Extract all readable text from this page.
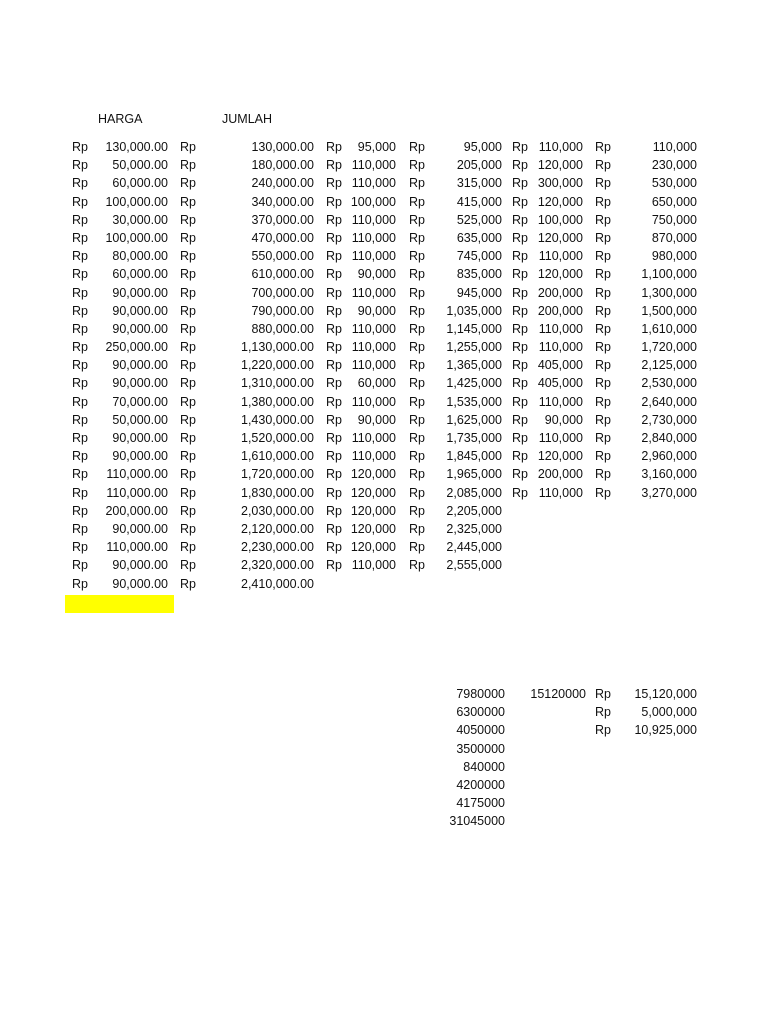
HARGA	JUMLAH
Rp 130,000.00 Rp	130,000.00 Rp 95,000 Rp	95,000 Rp 110,000 Rp	110,000
Rp 50,000.00 Rp	180,000.00 Rp 110,000 Rp	205,000 Rp 120,000 Rp	230,000
Rp 60,000.00 Rp	240,000.00 Rp 110,000 Rp	315,000 Rp 300,000 Rp	530,000
Rp 100,000.00 Rp	340,000.00 Rp 100,000 Rp	415,000 Rp 120,000 Rp	650,000
Rp 30,000.00 Rp	370,000.00 Rp 110,000 Rp	525,000 Rp 100,000 Rp	750,000
Rp 100,000.00 Rp	470,000.00 Rp 110,000 Rp	635,000 Rp 120,000 Rp	870,000
Rp 80,000.00 Rp	550,000.00 Rp 110,000 Rp	745,000 Rp 110,000 Rp	980,000
Rp 60,000.00 Rp	610,000.00 Rp 90,000 Rp	835,000 Rp 120,000 Rp 1,100,000
Rp 90,000.00 Rp	700,000.00 Rp 110,000 Rp	945,000 Rp 200,000 Rp 1,300,000
Rp 90,000.00 Rp	790,000.00 Rp 90,000 Rp 1,035,000 Rp 200,000 Rp 1,500,000
Rp 90,000.00 Rp	880,000.00 Rp 110,000 Rp 1,145,000 Rp 110,000 Rp 1,610,000
Rp 250,000.00 Rp	1,130,000.00 Rp 110,000 Rp 1,255,000 Rp 110,000 Rp 1,720,000
Rp 90,000.00 Rp	1,220,000.00 Rp 110,000 Rp 1,365,000 Rp 405,000 Rp 2,125,000
Rp 90,000.00 Rp	1,310,000.00 Rp 60,000 Rp 1,425,000 Rp 405,000 Rp 2,530,000
Rp 70,000.00 Rp	1,380,000.00 Rp 110,000 Rp 1,535,000 Rp 110,000 Rp 2,640,000
Rp 50,000.00 Rp	1,430,000.00 Rp 90,000 Rp 1,625,000 Rp 90,000 Rp 2,730,000
Rp 90,000.00 Rp	1,520,000.00 Rp 110,000 Rp 1,735,000 Rp 110,000 Rp 2,840,000
Rp 90,000.00 Rp	1,610,000.00 Rp 110,000 Rp 1,845,000 Rp 120,000 Rp 2,960,000
Rp 110,000.00 Rp	1,720,000.00 Rp 120,000 Rp 1,965,000 Rp 200,000 Rp 3,160,000
Rp 110,000.00 Rp	1,830,000.00 Rp 120,000 Rp 2,085,000 Rp 110,000 Rp 3,270,000
Rp 200,000.00 Rp	2,030,000.00 Rp 120,000 Rp 2,205,000
Rp 90,000.00 Rp	2,120,000.00 Rp 120,000 Rp 2,325,000
Rp 110,000.00 Rp	2,230,000.00 Rp 120,000 Rp 2,445,000
Rp 90,000.00 Rp	2,320,000.00 Rp 110,000 Rp 2,555,000
Rp 90,000.00 Rp	2,410,000.00
7980000 15120000 Rp 15,120,000
6300000	Rp 5,000,000
4050000	Rp 10,925,000
3500000
840000
4200000
4175000
31045000
